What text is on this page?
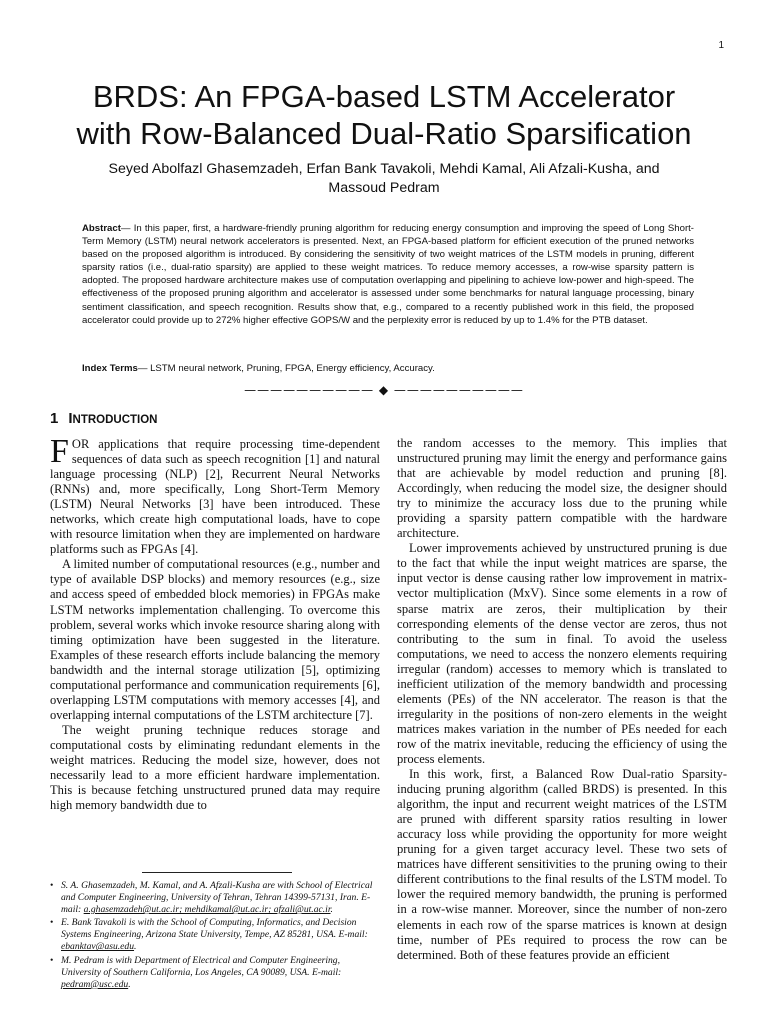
1
BRDS: An FPGA-based LSTM Accelerator
with Row-Balanced Dual-Ratio Sparsification
Seyed Abolfazl Ghasemzadeh, Erfan Bank Tavakoli, Mehdi Kamal, Ali Afzali-Kusha, and
Massoud Pedram

Abstract— In this paper, first, a hardware-friendly pruning algorithm for reducing energy consumption and improving the speed of Long Short-Term Memory (LSTM) neural network accelerators is presented. Next, an FPGA-based platform for efficient execution of the pruned networks based on the proposed algorithm is introduced. By considering the sensitivity of two weight matrices of the LSTM models in pruning, different sparsity ratios (i.e., dual-ratio sparsity) are applied to these weight matrices. To reduce memory accesses, a row-wise sparsity pattern is adopted. The proposed hardware architecture makes use of computation overlapping and pipelining to achieve low-power and high-speed. The effectiveness of the proposed pruning algorithm and accelerator is assessed under some benchmarks for natural language processing, binary sentiment classification, and speech recognition. Results show that, e.g., compared to a recently published work in this field, the proposed accelerator could provide up to 272% higher effective GOPS/W and the perplexity error is reduced by up to 1.4% for the PTB dataset.

Index Terms— LSTM neural network, Pruning, FPGA, Energy efficiency, Accuracy.

—————————— ◆ ——————————
1 INTRODUCTION

FOR applications that require processing time-dependent sequences of data such as speech recognition [1] and natural language processing (NLP) [2], Recurrent Neural Networks (RNNs) and, more specifically, Long Short-Term Memory (LSTM) Neural Networks [3] have been introduced. These networks, which create high computational loads, have to cope with resource limitation when they are implemented on hardware platforms such as FPGAs [4].

A limited number of computational resources (e.g., number and type of available DSP blocks) and memory resources (e.g., size and access speed of embedded block memories) in FPGAs make LSTM networks implementation challenging. To overcome this problem, several works which invoke resource sharing along with timing optimization have been suggested in the literature. Examples of these research efforts include balancing the memory bandwidth and the internal storage utilization [5], optimizing computational performance and communication requirements [6], overlapping LSTM computations with memory accesses [4], and overlapping internal computations of the LSTM architecture [7].

The weight pruning technique reduces storage and computational costs by eliminating redundant elements in the weight matrices. Reducing the model size, however, does not necessarily lead to a more efficient hardware implementation. This is because fetching unstructured pruned data may require high memory bandwidth due to

the random accesses to the memory. This implies that unstructured pruning may limit the energy and performance gains that are achievable by model reduction and pruning [8]. Accordingly, when reducing the model size, the designer should try to minimize the accuracy loss due to the pruning while providing a sparsity pattern compatible with the hardware architecture.

Lower improvements achieved by unstructured pruning is due to the fact that while the input weight matrices are sparse, the input vector is dense causing rather low improvement in matrix-vector multiplication (MxV). Since some elements in a row of sparse matrix are zeros, their multiplication by their corresponding elements of the dense vector are zeros, thus not contributing to the sum in final. To avoid the useless computations, we need to access the nonzero elements requiring irregular (random) accesses to memory which is translated to inefficient utilization of the memory bandwidth and processing elements (PEs) of the NN accelerator. The reason is that the irregularity in the positions of non-zero elements in the weight matrices makes variation in the number of PEs needed for each row of the matrix inevitable, reducing the efficiency of using the process elements.

In this work, first, a Balanced Row Dual-ratio Sparsity-inducing pruning algorithm (called BRDS) is presented. In this algorithm, the input and recurrent weight matrices of the LSTM are pruned with different sparsity ratios resulting in lower accuracy loss while providing the opportunity for more weight pruning for a given target accuracy level. These two sets of matrices have different sensitivities to the pruning owing to their different contributions to the final results of the LSTM model. To lower the required memory bandwidth, the pruning is performed in a row-wise manner. Moreover, since the number of non-zero elements in each row of the sparse matrices is known at design time, number of PEs required to process the row can be determined. Both of these features provide an efficient

• S. A. Ghasemzadeh, M. Kamal, and A. Afzali-Kusha are with School of Electrical and Computer Engineering, University of Tehran, Tehran 14399-57131, Iran. E-mail: a.ghasemzadeh@ut.ac.ir; mehdikamal@ut.ac.ir; afzali@ut.ac.ir.
• E. Bank Tavakoli is with the School of Computing, Informatics, and Decision Systems Engineering, Arizona State University, Tempe, AZ 85281, USA. E-mail: ebanktav@asu.edu.
• M. Pedram is with Department of Electrical and Computer Engineering, University of Southern California, Los Angeles, CA 90089, USA. E-mail: pedram@usc.edu.
